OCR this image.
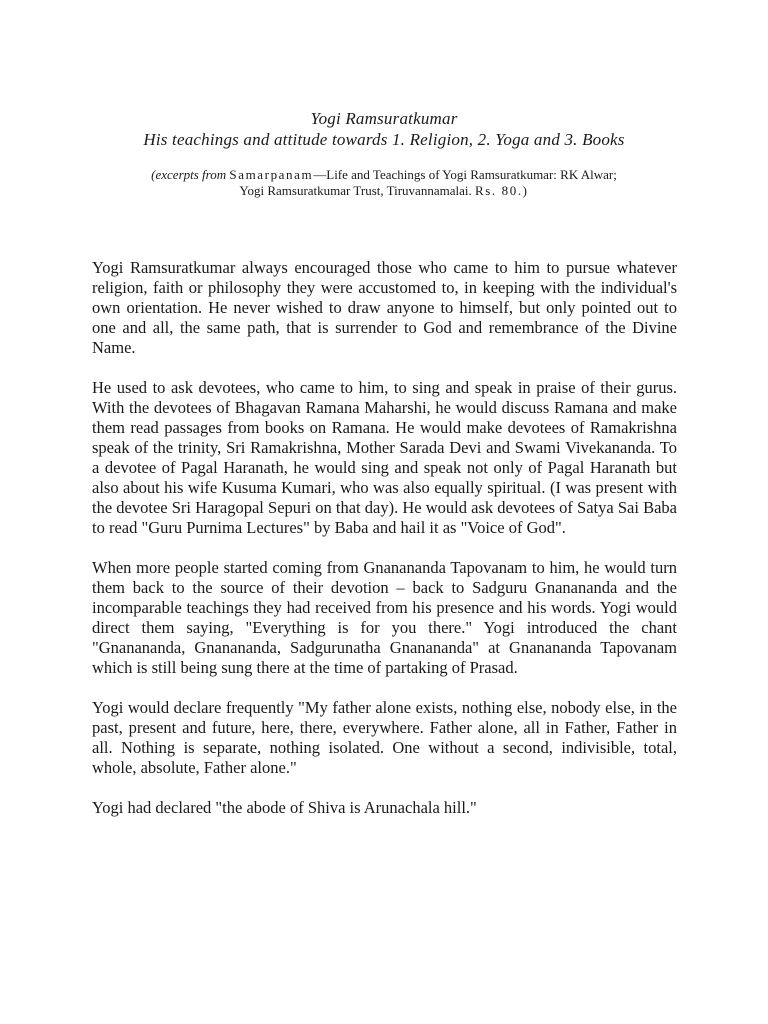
Yogi Ramsuratkumar
His teachings and attitude towards 1. Religion, 2. Yoga and 3. Books
(excerpts from Samarpanam—Life and Teachings of Yogi Ramsuratkumar: RK Alwar;
Yogi Ramsuratkumar Trust, Tiruvannamalai. Rs. 80.)

Yogi Ramsuratkumar always encouraged those who came to him to pursue whatever religion, faith or philosophy they were accustomed to, in keeping with the individual's own orientation. He never wished to draw anyone to himself, but only pointed out to one and all, the same path, that is surrender to God and remembrance of the Divine Name.

He used to ask devotees, who came to him, to sing and speak in praise of their gurus. With the devotees of Bhagavan Ramana Maharshi, he would discuss Ramana and make them read passages from books on Ramana. He would make devotees of Ramakrishna speak of the trinity, Sri Ramakrishna, Mother Sarada Devi and Swami Vivekananda. To a devotee of Pagal Haranath, he would sing and speak not only of Pagal Haranath but also about his wife Kusuma Kumari, who was also equally spiritual. (I was present with the devotee Sri Haragopal Sepuri on that day). He would ask devotees of Satya Sai Baba to read "Guru Purnima Lectures" by Baba and hail it as "Voice of God".

When more people started coming from Gnanananda Tapovanam to him, he would turn them back to the source of their devotion – back to Sadguru Gnanananda and the incomparable teachings they had received from his presence and his words. Yogi would direct them saying, "Everything is for you there." Yogi introduced the chant "Gnanananda, Gnanananda, Sadgurunatha Gnanananda" at Gnanananda Tapovanam which is still being sung there at the time of partaking of Prasad.

Yogi would declare frequently "My father alone exists, nothing else, nobody else, in the past, present and future, here, there, everywhere. Father alone, all in Father, Father in all. Nothing is separate, nothing isolated. One without a second, indivisible, total, whole, absolute, Father alone."

Yogi had declared "the abode of Shiva is Arunachala hill."
